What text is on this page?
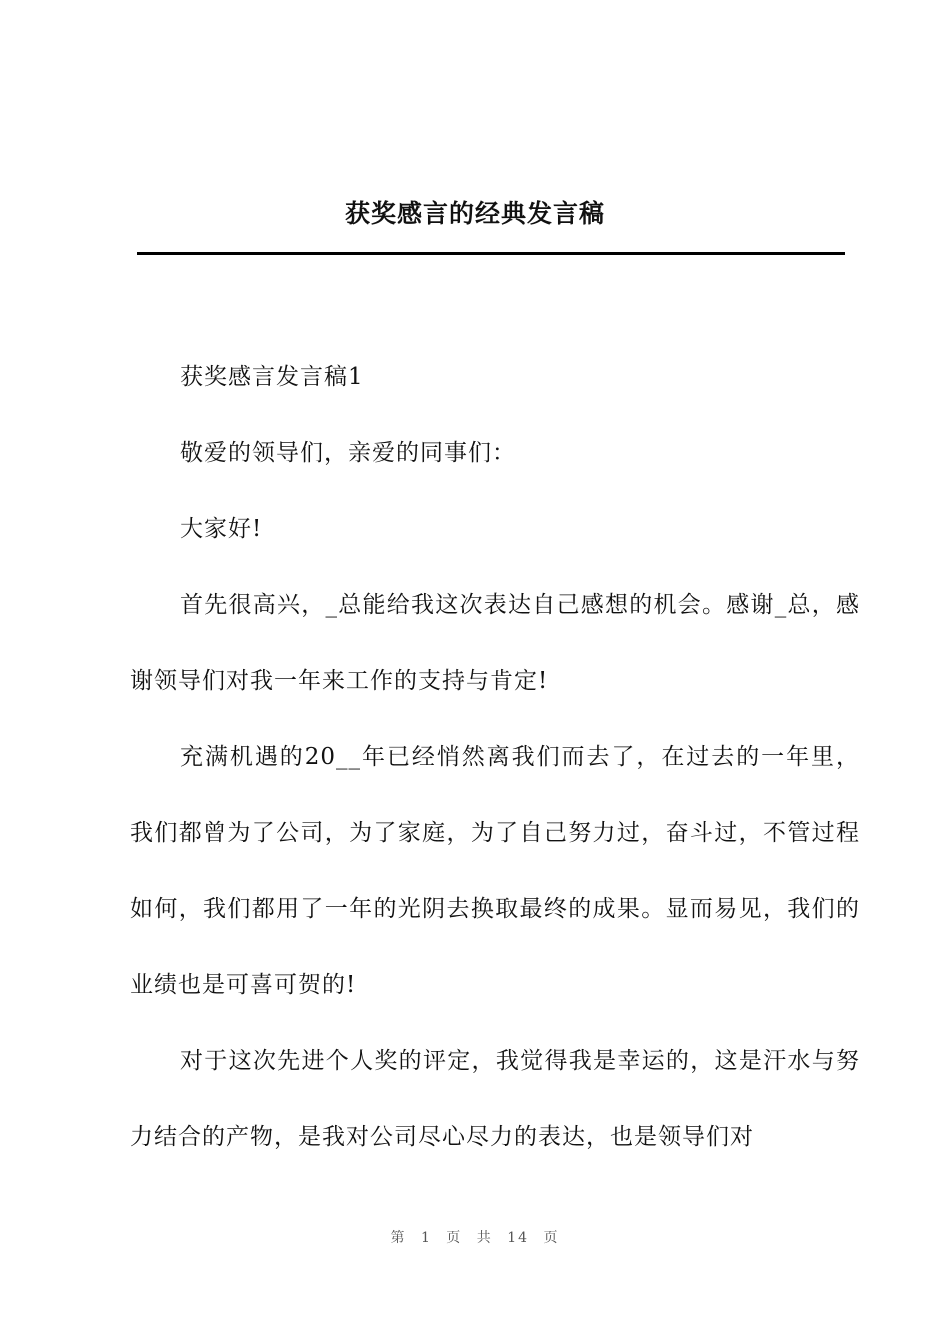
获奖感言的经典发言稿

获奖感言发言稿1

敬爱的领导们，亲爱的同事们：

大家好!

首先很高兴，_总能给我这次表达自己感想的机会。感谢_总，感谢领导们对我一年来工作的支持与肯定!

充满机遇的20__年已经悄然离我们而去了，在过去的一年里，我们都曾为了公司，为了家庭，为了自己努力过，奋斗过，不管过程如何，我们都用了一年的光阴去换取最终的成果。显而易见，我们的业绩也是可喜可贺的!

对于这次先进个人奖的评定，我觉得我是幸运的，这是汗水与努力结合的产物，是我对公司尽心尽力的表达，也是领导们对

第 1 页 共 14 页
